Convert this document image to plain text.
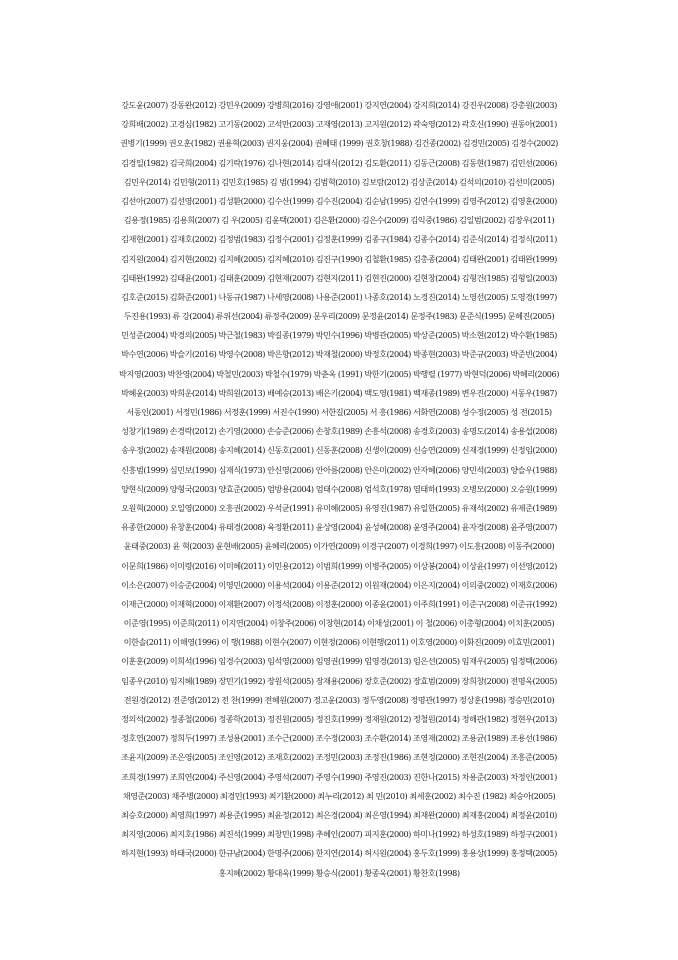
강도윤(2007) 강동완(2012) 강민우(2009) 강병희(2016) 강영애(2001) 강지연(2004) 강지희(2014) 강진우(2008) 강총원(2003)
강희배(2002) 고경심(1982) 고기동(2002) 고석만(2003) 고재영(2013) 고지원(2012) 곽숙영(2012) 곽호신(1990) 권동아(2001)
권병기(1999) 권오훈(1982) 권용혁(2003) 권지웅(2004) 권혜태 (1999) 권호창(1988) 김건종(2002) 김경민(2005) 김경수(2002)
김경일(1982) 김국희(2004) 김기락(1976) 김나현(2014) 김대식(2012) 김도환(2011) 김동근(2008) 김동현(1987) 김민선(2006)
김민우(2014) 김민형(2011) 김민호(1985) 김 범(1994) 김범혁(2010) 김보람(2012) 김상준(2014) 김석의(2010) 김선미(2005)
김선아(2007) 김선영(2001) 김성환(2000) 김수산(1999) 김수진(2004) 김순남(1995) 김연수(1999) 김영주(2012) 김영훈(2000)
김용정(1985) 김용희(2007) 김 우(2005) 김윤택(2001) 김은환(2000) 김은수(2009) 김익중(1986) 김일범(2002) 김장우(2011)
김재현(2001) 김재호(2002) 김정범(1983) 김정수(2001) 김정훈(1999) 김종구(1984) 김종수(2014) 김준식(2014) 김정식(2011)
김지원(2004) 김지현(2002) 김지혜(2005) 김지혜(2010) 김진구(1990) 김철환(1985) 김총종(2004) 김태완(2001) 김태완(1999)
김태완(1992) 김태윤(2001) 김태훈(2009) 김현재(2007) 김현지(2011) 김현진(2000) 김현창(2004) 김형건(1985) 김형일(2003)
김호준(2015) 김화준(2001) 나동규(1987) 나세영(2008) 나용준(2001) 나종호(2014) 노경진(2014) 노영선(2005) 도영경(1997)
두진용(1993) 류 강(2004) 류위선(2004) 류정주(2009) 문우리(2009) 문정윤(2014) 문정주(1983) 문준식(1995) 문혜진(2005)
민성준(2004) 박경의(2005) 박근철(1983) 박길종(1979) 박민수(1996) 박병관(2005) 박상준(2005) 박소현(2012) 박수환(1985)
박수연(2006) 박슬기(2016) 박영수(2008) 박은향(2012) 박재철(2000) 박정호(2004) 박종현(2003) 박준규(2003) 박준빈(2004)
박지영(2003) 박찬영(2004) 박철민(2003) 박철수(1979) 박춘옥 (1991) 박한기(2005) 박행렬 (1977) 박현덕(2006) 박혜리(2006)
박혜윤(2003) 박희운(2014) 박희원(2013) 배예승(2013) 배은기(2004) 백도영(1981) 백재종(1989) 변우진(2000) 서동우(1987)
서동인(2001) 서정민(1986) 서정훈(1999) 서진수(1990) 서한길(2005) 서 흥(1986) 서화연(2008) 성수정(2005) 성 전(2015)
성창기(1989) 손경락(2012) 손기영(2000) 손승준(2006) 손창호(1989) 손흥석(2008) 송경호(2003) 송명도(2014) 송용섭(2008)
송우정(2002) 송재원(2008) 송지혜(2014) 신동호(2001) 신동훈(2008) 신생이(2009) 신승연(2009) 신재경(1999) 신정임(2000)
신흥범(1999) 심민보(1990) 심재식(1973) 안신영(2006) 안아름(2008) 안은미(2002) 안자혜(2006) 양민석(2003) 양슬우(1988)
양현식(2009) 양형국(2003) 양효준(2005) 엄방용(2004) 엄태수(2008) 엄석호(1978) 염태하(1993) 오병모(2000) 오승원(1999)
오원혁(2000) 오일영(2000) 오흥권(2002) 우석균(1991) 유미혜(2005) 유영진(1987) 유일한(2005) 유재석(2002) 유제준(1989)
유종한(2000) 유창훈(2004) 유태경(2008) 육정환(2011) 윤상영(2004) 윤성혜(2008) 윤영주(2004) 윤자경(2008) 윤주영(2007)
윤태중(2003) 윤 혁(2003) 윤현배(2005) 윤혜리(2005) 이가연(2009) 이경구(2007) 이경희(1997) 이도흥(2008) 이동주(2000)
이문희(1986) 이미령(2016) 이미혜(2011) 이민용(2012) 이범희(1999) 이병주(2005) 이상봉(2004) 이상윤(1997) 이선영(2012)
이소은(2007) 이승준(2004) 이영민(2000) 이용석(2004) 이용준(2012) 이원재(2004) 이은지(2004) 이의중(2002) 이재호(2006)
이재근(2000) 이재혁(2000) 이재환(2007) 이정석(2008) 이정훈(2000) 이종윤(2001) 이주희(1991) 이준구(2008) 이준규(1992)
이준영(1995) 이준희(2011) 이지연(2004) 이창주(2006) 이창현(2014) 이채성(2001) 이 철(2006) 이총형(2004) 이치훈(2005)
이한솔(2011) 이해영(1996) 이 행(1988) 이현수(2007) 이현정(2006) 이현행(2011) 이호영(2000) 이화진(2009) 이효민(2001)
이훈훈(2009) 이희석(1996) 임경수(2003) 임석영(2000) 임영권(1999) 임영경(2013) 임은선(2005) 임재우(2005) 임정택(2006)
임종우(2010) 임지혜(1989) 장민기(1992) 장원석(2005) 장재용(2006) 장호준(2002) 장효범(2009) 장희창(2000) 전명욱(2005)
전원경(2012) 전준영(2012) 전 찬(1999) 전혜원(2007) 정고윤(2003) 정두영(2008) 정명관(1997) 정상훈(1998) 정승민(2010)
정의석(2002) 정종철(2006) 정종학(2013) 정진원(2005) 정진호(1999) 정재원(2012) 정철원(2014) 정해관(1982) 정현우(2013)
정호연(2007) 정희두(1997) 조성용(2001) 조수근(2000) 조수정(2003) 조수환(2014) 조영재(2002) 조용균(1989) 조용선(1986)
조윤지(2009) 조은영(2005) 조인영(2012) 조재호(2002) 조정민(2003) 조정진(1986) 조현정(2000) 조현진(2004) 조흥준(2005)
조희경(1997) 조희연(2004) 주신영(2004) 주영석(2007) 주영수(1990) 주영진(2003) 진한나(2015) 차용준(2003) 차정인(2001)
채영준(2003) 채주병(2000) 최경민(1993) 최기환(2000) 최누리(2012) 최 민(2010) 최세훈(2002) 최수진 (1982) 최승아(2005)
최승호(2000) 최영희(1997) 최용준(1995) 최윤정(2012) 최은경(2004) 최은영(1994) 최재완(2000) 최재홍(2004) 최정윤(2010)
최지영(2006) 최지호(1986) 최진석(1999) 최창민(1998) 추혜인(2007) 피지훈(2000) 하미나(1992) 하성호(1989) 하정구(2001)
하지현(1993) 하태국(2000) 한규남(2004) 한명주(2006) 한지연(2014) 허시원(2004) 홍두호(1999) 홍용상(1999) 홍정택(2005)
홍지혜(2002) 황대욱(1999) 황승식(2001) 황종욱(2001) 황찬호(1998)
